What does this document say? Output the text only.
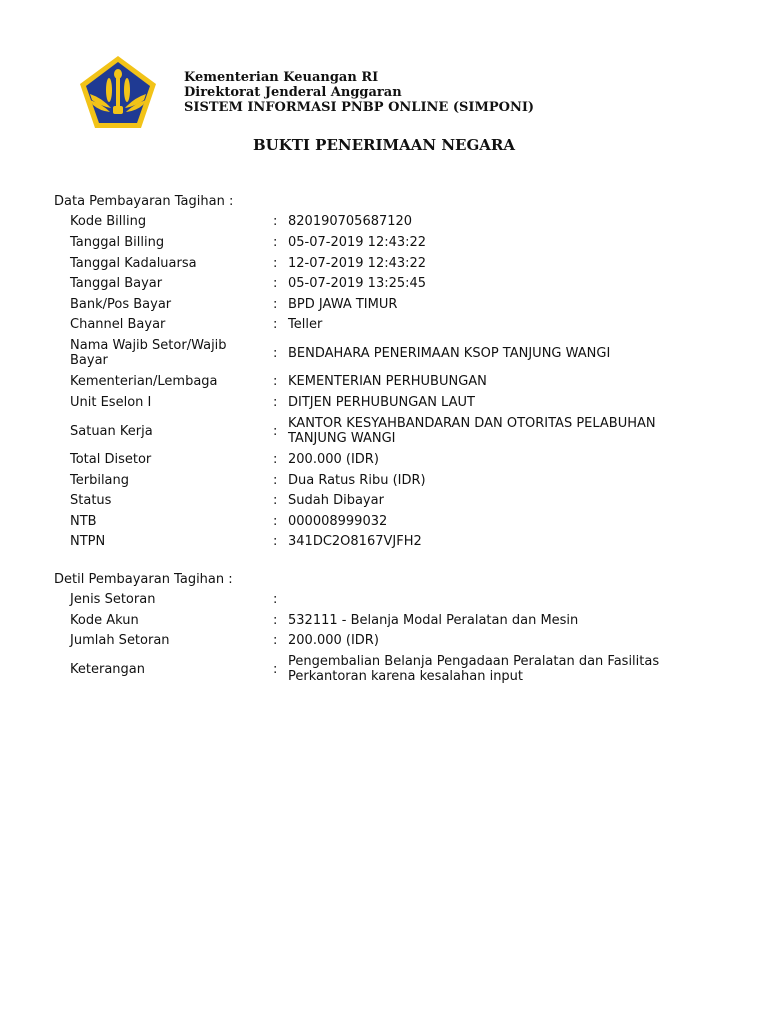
Kementerian Keuangan RI
Direktorat Jenderal Anggaran
SISTEM INFORMASI PNBP ONLINE (SIMPONI)
BUKTI PENERIMAAN NEGARA
Data Pembayaran Tagihan :
Kode Billing	: 820190705687120
Tanggal Billing	: 05-07-2019 12:43:22
Tanggal Kadaluarsa	: 12-07-2019 12:43:22
Tanggal Bayar	: 05-07-2019 13:25:45
Bank/Pos Bayar	: BPD JAWA TIMUR
Channel Bayar	: Teller
Nama Wajib Setor/Wajib Bayar	: BENDAHARA PENERIMAAN KSOP TANJUNG WANGI
Kementerian/Lembaga	: KEMENTERIAN PERHUBUNGAN
Unit Eselon I	: DITJEN PERHUBUNGAN LAUT
Satuan Kerja	:
KANTOR KESYAHBANDARAN DAN OTORITAS PELABUHAN TANJUNG WANGI
Total Disetor	: 200.000 (IDR)
Terbilang	: Dua Ratus Ribu (IDR)
Status	: Sudah Dibayar
NTB	: 000008999032
NTPN	: 341DC2O8167VJFH2
Detil Pembayaran Tagihan :
Jenis Setoran	:
Kode Akun	: 532111 - Belanja Modal Peralatan dan Mesin
Jumlah Setoran	: 200.000 (IDR)
Keterangan	:
Pengembalian Belanja Pengadaan Peralatan dan Fasilitas Perkantoran karena kesalahan input
